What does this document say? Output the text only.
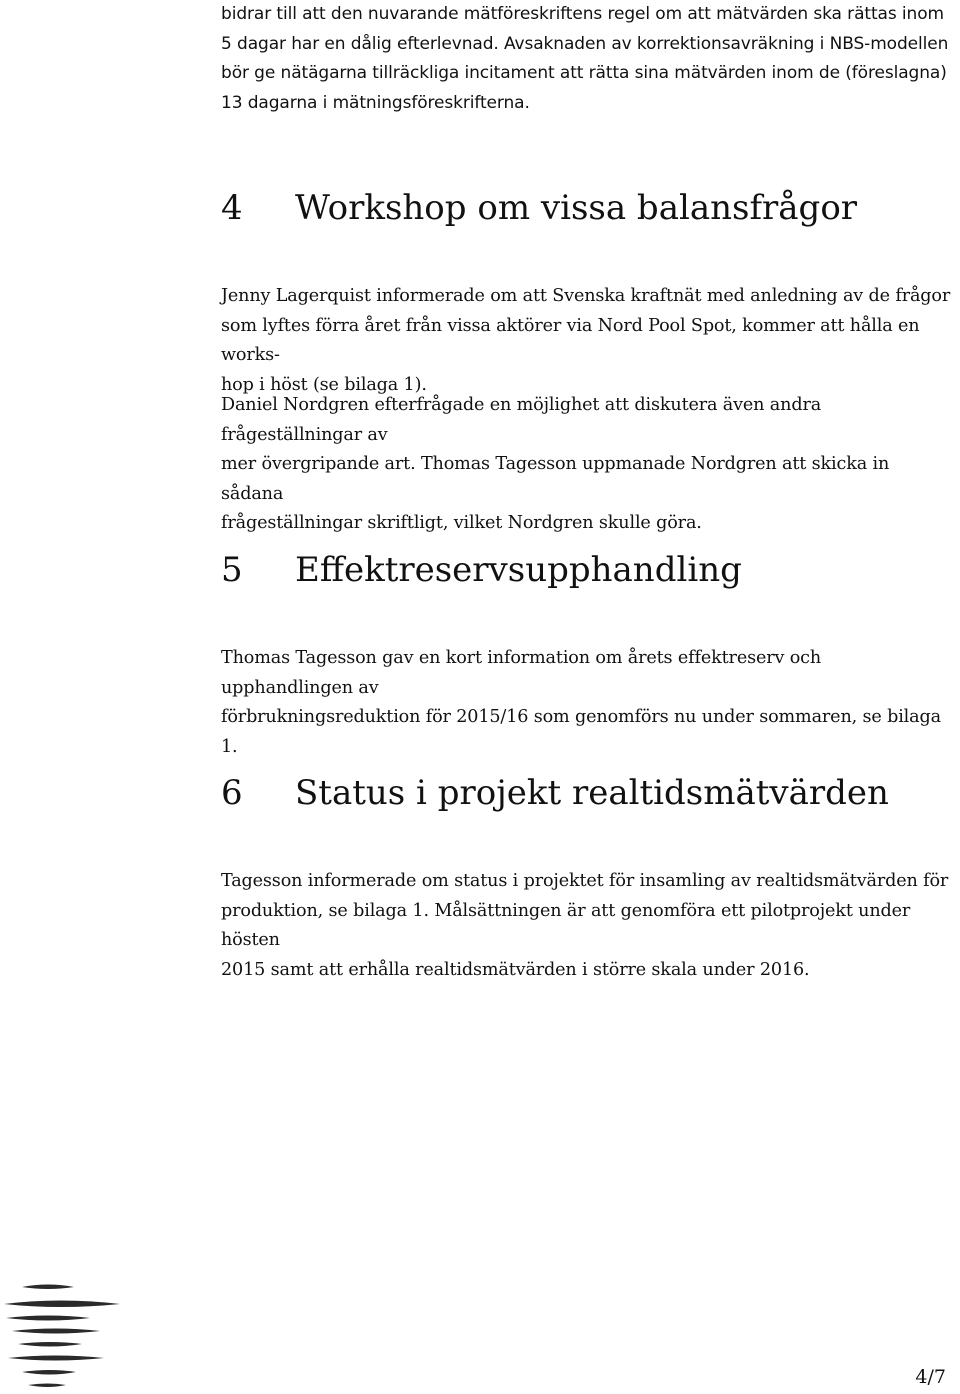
bidrar till att den nuvarande mätföreskriftens regel om att mätvärden ska rättas inom
5 dagar har en dålig efterlevnad. Avsaknaden av korrektionsavräkning i NBS-modellen
bör ge nätägarna tillräckliga incitament att rätta sina mätvärden inom de (föreslagna)
13 dagarna i mätningsföreskrifterna.

4 Workshop om vissa balansfrågor

Jenny Lagerquist informerade om att Svenska kraftnät med anledning av de frågor
som lyftes förra året från vissa aktörer via Nord Pool Spot, kommer att hålla en works-
hop i höst (se bilaga 1).

Daniel Nordgren efterfrågade en möjlighet att diskutera även andra frågeställningar av
mer övergripande art. Thomas Tagesson uppmanade Nordgren att skicka in sådana
frågeställningar skriftligt, vilket Nordgren skulle göra.

5 Effektreservsupphandling

Thomas Tagesson gav en kort information om årets effektreserv och upphandlingen av
förbrukningsreduktion för 2015/16 som genomförs nu under sommaren, se bilaga 1.

6 Status i projekt realtidsmätvärden

Tagesson informerade om status i projektet för insamling av realtidsmätvärden för
produktion, se bilaga 1. Målsättningen är att genomföra ett pilotprojekt under hösten
2015 samt att erhålla realtidsmätvärden i större skala under 2016.

4/7
